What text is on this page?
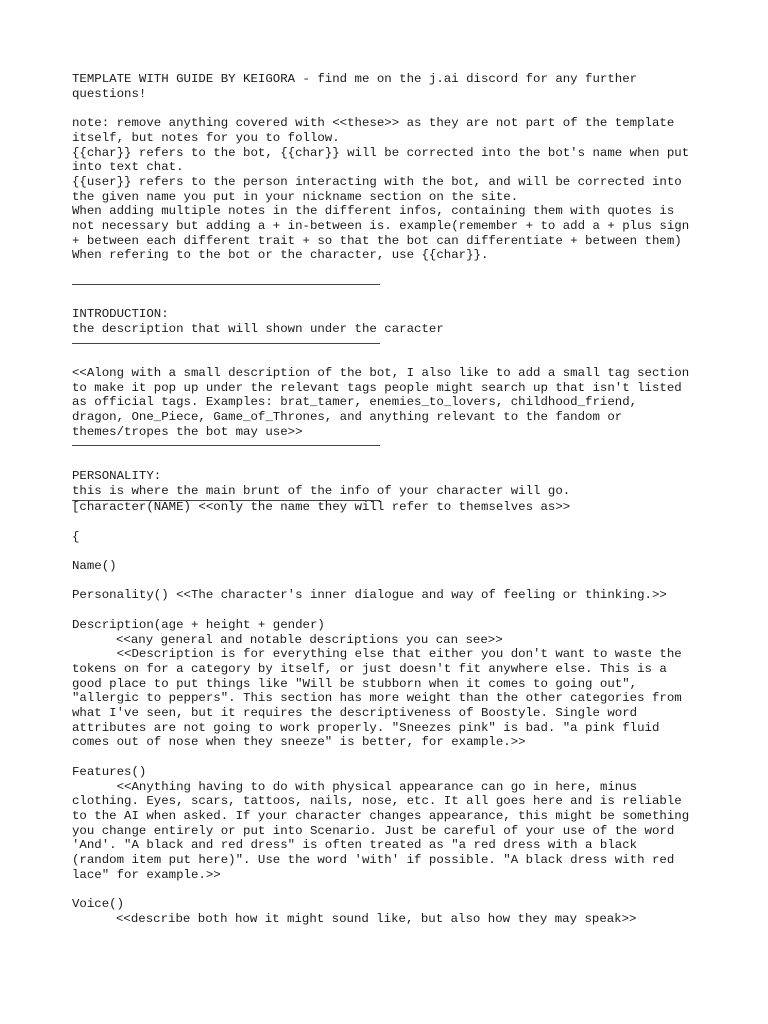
TEMPLATE WITH GUIDE BY KEIGORA - find me on the j.ai discord for any further
questions!
note: remove anything covered with <<these>> as they are not part of the template
itself, but notes for you to follow.
{{char}} refers to the bot, {{char}} will be corrected into the bot's name when put
into text chat.
{{user}} refers to the person interacting with the bot, and will be corrected into
the given name you put in your nickname section on the site.
When adding multiple notes in the different infos, containing them with quotes is
not necessary but adding a + in-between is. example(remember + to add a + plus sign
+ between each different trait + so that the bot can differentiate + between them)
When refering to the bot or the character, use {{char}}.
INTRODUCTION:
the description that will shown under the caracter
<<Along with a small description of the bot, I also like to add a small tag section
to make it pop up under the relevant tags people might search up that isn't listed
as official tags. Examples: brat_tamer, enemies_to_lovers, childhood_friend,
dragon, One_Piece, Game_of_Thrones, and anything relevant to the fandom or
themes/tropes the bot may use>>
PERSONALITY:
this is where the main brunt of the info of your character will go.
[character(NAME) <<only the name they will refer to themselves as>>
{
Name()
Personality() <<The character's inner dialogue and way of feeling or thinking.>>
Description(age + height + gender)
<<any general and notable descriptions you can see>>
<<Description is for everything else that either you don't want to waste the
tokens on for a category by itself, or just doesn't fit anywhere else. This is a
good place to put things like "Will be stubborn when it comes to going out",
"allergic to peppers". This section has more weight than the other categories from
what I've seen, but it requires the descriptiveness of Boostyle. Single word
attributes are not going to work properly. "Sneezes pink" is bad. "a pink fluid
comes out of nose when they sneeze" is better, for example.>>
Features()
<<Anything having to do with physical appearance can go in here, minus
clothing. Eyes, scars, tattoos, nails, nose, etc. It all goes here and is reliable
to the AI when asked. If your character changes appearance, this might be something
you change entirely or put into Scenario. Just be careful of your use of the word
'And'. "A black and red dress" is often treated as "a red dress with a black
(random item put here)". Use the word 'with' if possible. "A black dress with red
lace" for example.>>
Voice()
<<describe both how it might sound like, but also how they may speak>>
